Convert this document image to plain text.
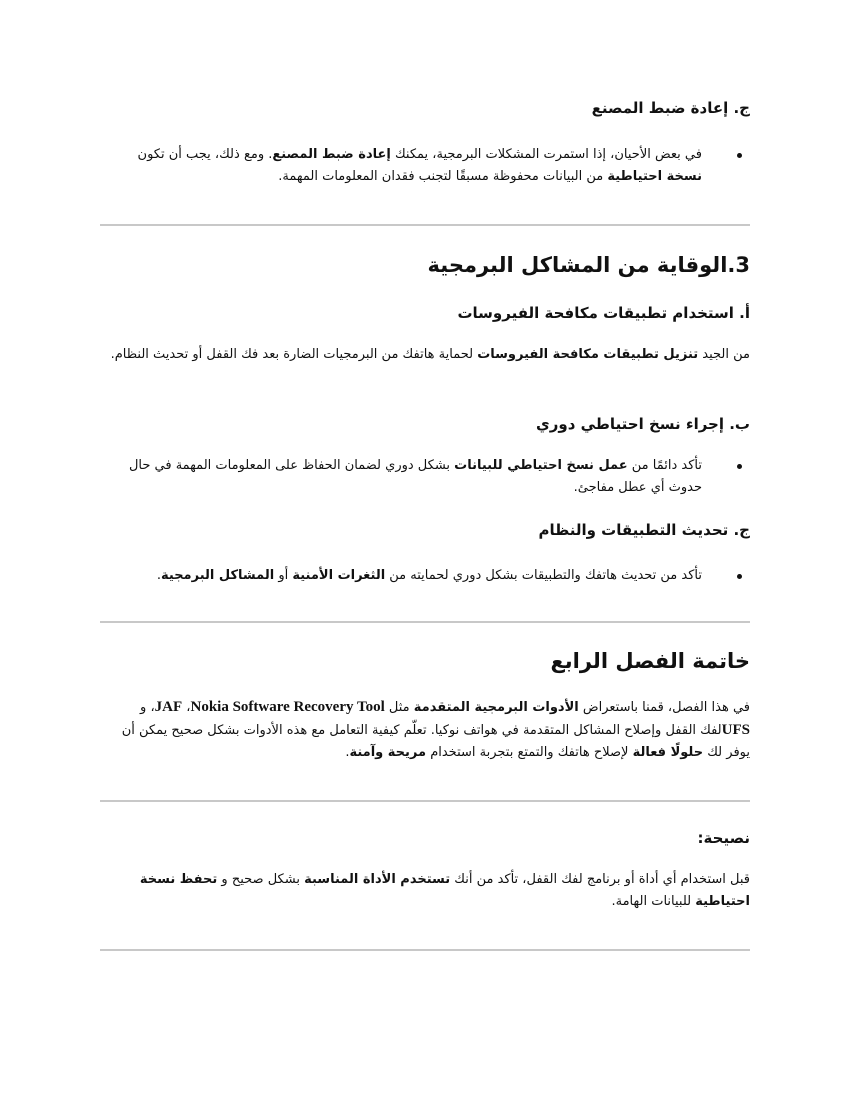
ج. إعادة ضبط المصنع
في بعض الأحيان، إذا استمرت المشكلات البرمجية، يمكنك إعادة ضبط المصنع. ومع ذلك، يجب أن تكون نسخة احتياطية من البيانات محفوظة مسبقًا لتجنب فقدان المعلومات المهمة.
3.الوقاية من المشاكل البرمجية
أ. استخدام تطبيقات مكافحة الفيروسات

من الجيد تنزيل تطبيقات مكافحة الفيروسات لحماية هاتفك من البرمجيات الضارة بعد فك القفل أو تحديث النظام.

ب. إجراء نسخ احتياطي دوري
تأكد دائمًا من عمل نسخ احتياطي للبيانات بشكل دوري لضمان الحفاظ على المعلومات المهمة في حال حدوث أي عطل مفاجئ.
ج. تحديث التطبيقات والنظام
تأكد من تحديث هاتفك والتطبيقات بشكل دوري لحمايته من الثغرات الأمنية أو المشاكل البرمجية.
خاتمة الفصل الرابع

في هذا الفصل، قمنا باستعراض الأدوات البرمجية المتقدمة مثل Nokia Software Recovery Tool، JAF، و UFSلفك القفل وإصلاح المشاكل المتقدمة في هواتف نوكيا. تعلّم كيفية التعامل مع هذه الأدوات بشكل صحيح يمكن أن يوفر لك حلولًا فعالة لإصلاح هاتفك والتمتع بتجربة استخدام مريحة وآمنة.

نصيحة:

قبل استخدام أي أداة أو برنامج لفك القفل، تأكد من أنك تستخدم الأداة المناسبة بشكل صحيح و تحفظ نسخة احتياطية للبيانات الهامة.
